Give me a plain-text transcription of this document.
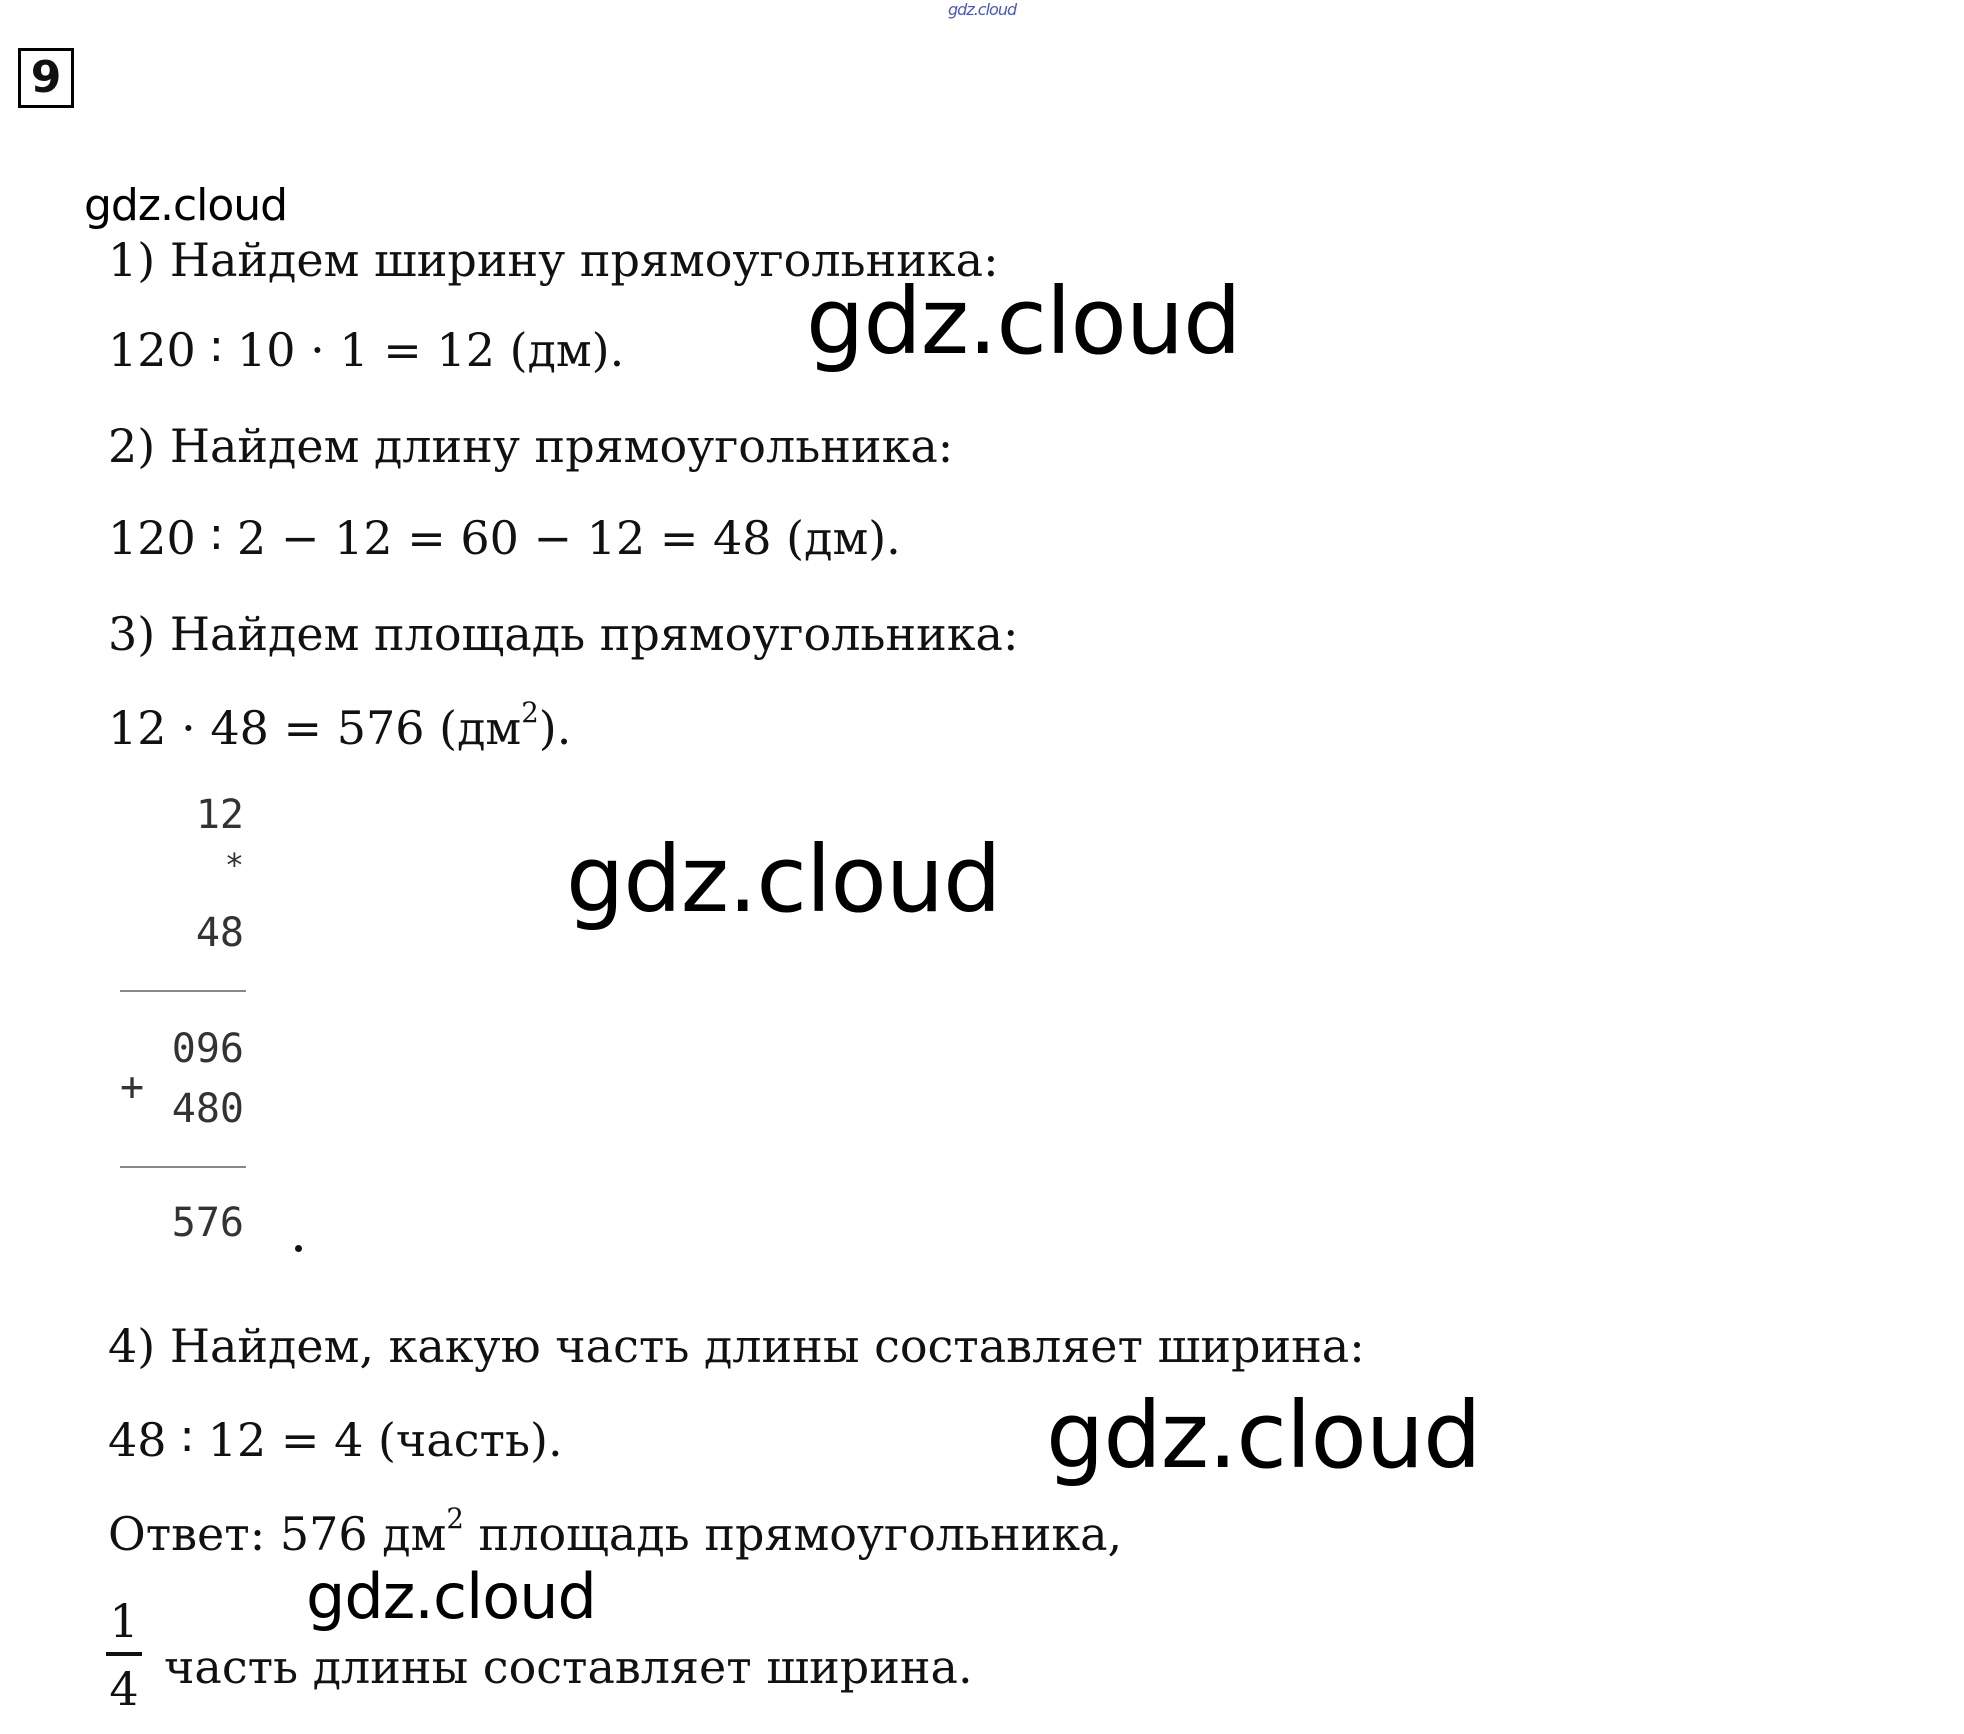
9
gdz.cloud
gdz.cloud
gdz.cloud
gdz.cloud
gdz.cloud
gdz.cloud
1) Найдем ширину прямоугольника:
120 ∶ 10 · 1 = 12 (дм).
2) Найдем длину прямоугольника:
120 ∶ 2 − 12 = 60 − 12 = 48 (дм).
3) Найдем площадь прямоугольника:
12 · 48 = 576 $(дм^2)$.
12
*
48
096
+ 480
576
4) Найдем, какую часть длины составляет ширина:
48 ∶ 12 = 4 (часть).
Ответ: 576 $дм^2$ площадь прямоугольника,
1
4 часть длины составляет ширина.
